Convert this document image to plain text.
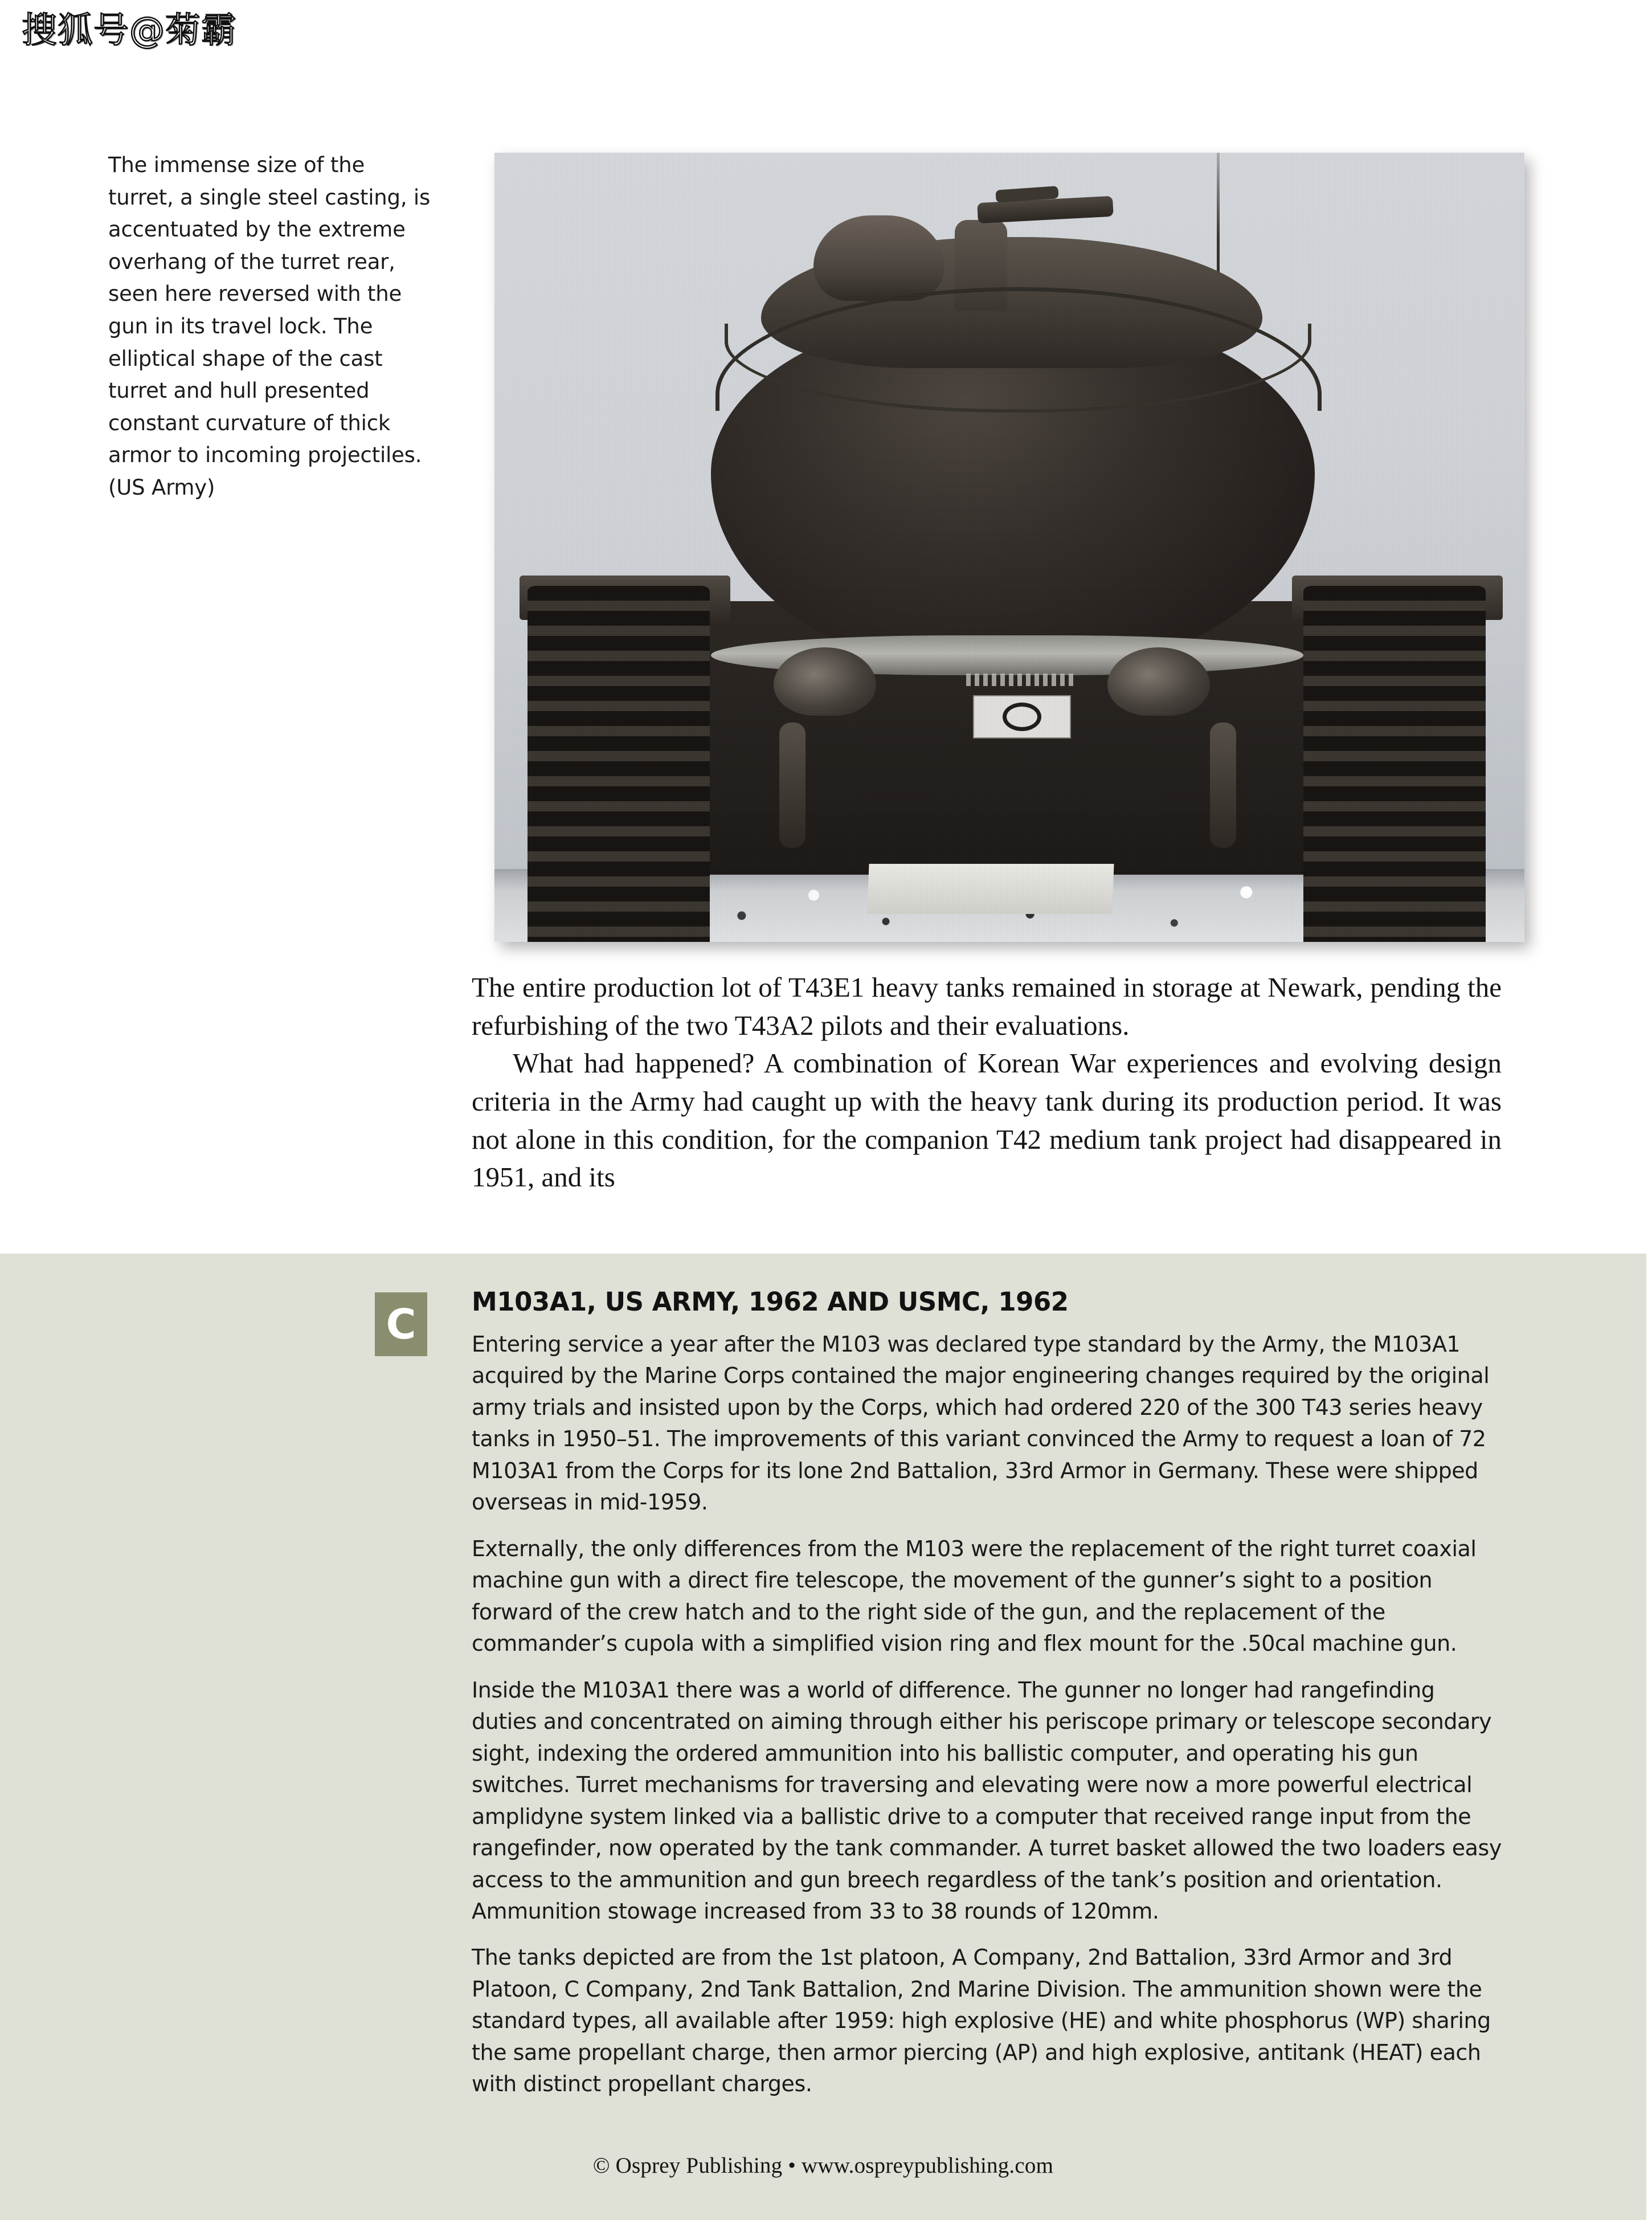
搜狐号@菊霸
The immense size of the turret, a single steel casting, is accentuated by the extreme overhang of the turret rear, seen here reversed with the gun in its travel lock. The elliptical shape of the cast turret and hull presented constant curvature of thick armor to incoming projectiles. (US Army)

The entire production lot of T43E1 heavy tanks remained in storage at Newark, pending the refurbishing of the two T43A2 pilots and their evaluations.

What had happened? A combination of Korean War experiences and evolving design criteria in the Army had caught up with the heavy tank during its production period. It was not alone in this condition, for the companion T42 medium tank project had disappeared in 1951, and its

C	M103A1, US ARMY, 1962 AND USMC, 1962

Entering service a year after the M103 was declared type standard by the Army, the M103A1 acquired by the Marine Corps contained the major engineering changes required by the original army trials and insisted upon by the Corps, which had ordered 220 of the 300 T43 series heavy tanks in 1950–51. The improvements of this variant convinced the Army to request a loan of 72 M103A1 from the Corps for its lone 2nd Battalion, 33rd Armor in Germany. These were shipped overseas in mid-1959.

Externally, the only differences from the M103 were the replacement of the right turret coaxial machine gun with a direct fire telescope, the movement of the gunner’s sight to a position forward of the crew hatch and to the right side of the gun, and the replacement of the commander’s cupola with a simplified vision ring and flex mount for the .50cal machine gun.

Inside the M103A1 there was a world of difference. The gunner no longer had rangefinding duties and concentrated on aiming through either his periscope primary or telescope secondary sight, indexing the ordered ammunition into his ballistic computer, and operating his gun switches. Turret mechanisms for traversing and elevating were now a more powerful electrical amplidyne system linked via a ballistic drive to a computer that received range input from the rangefinder, now operated by the tank commander. A turret basket allowed the two loaders easy access to the ammunition and gun breech regardless of the tank’s position and orientation. Ammunition stowage increased from 33 to 38 rounds of 120mm.

The tanks depicted are from the 1st platoon, A Company, 2nd Battalion, 33rd Armor and 3rd Platoon, C Company, 2nd Tank Battalion, 2nd Marine Division. The ammunition shown were the standard types, all available after 1959: high explosive (HE) and white phosphorus (WP) sharing the same propellant charge, then armor piercing (AP) and high explosive, antitank (HEAT) each with distinct propellant charges.

© Osprey Publishing • www.ospreypublishing.com
